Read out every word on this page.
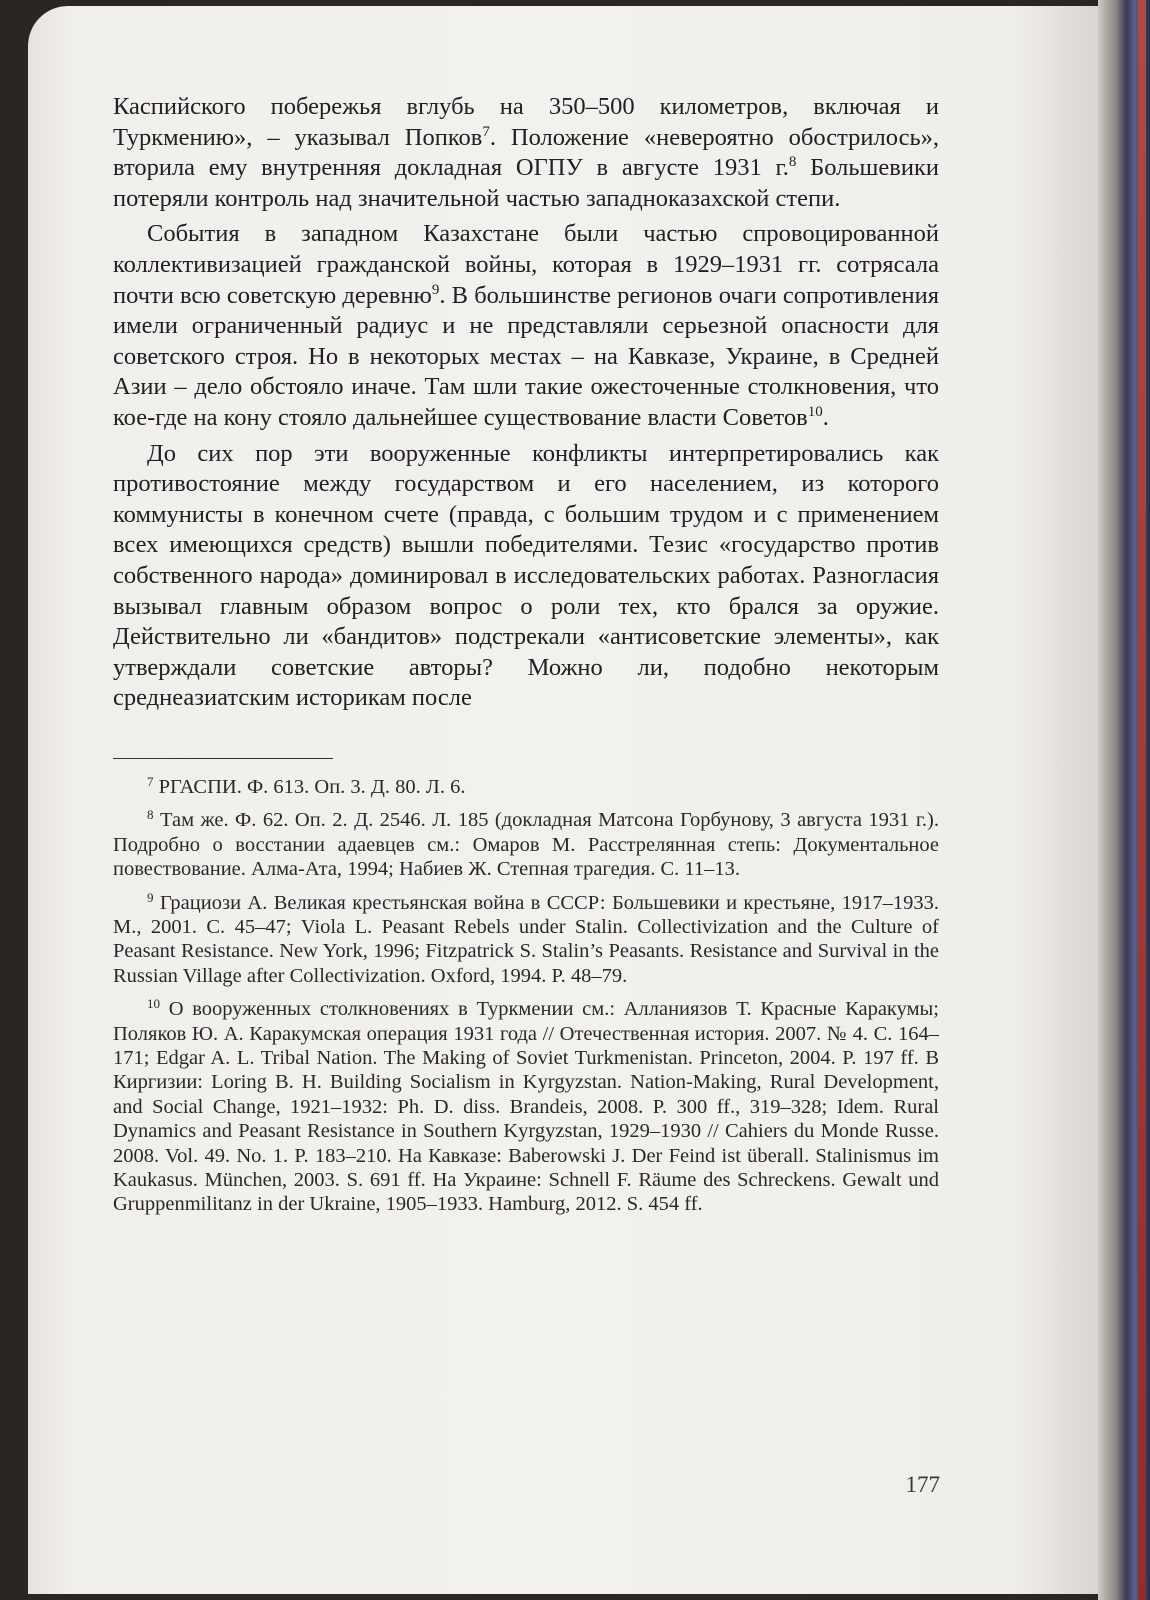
Каспийского побережья вглубь на 350–500 километров, включая и Туркмению», – указывал Попков$^7$. Положение «невероятно обострилось», вторила ему внутренняя докладная ОГПУ в августе 1931 г.$^8$ Большевики потеряли контроль над значительной частью западноказахской степи.

События в западном Казахстане были частью спровоцированной коллективизацией гражданской войны, которая в 1929–1931 гг. сотрясала почти всю советскую деревню$^9$. В большинстве регионов очаги сопротивления имели ограниченный радиус и не представляли серьезной опасности для советского строя. Но в некоторых местах – на Кавказе, Украине, в Средней Азии – дело обстояло иначе. Там шли такие ожесточенные столкновения, что кое-где на кону стояло дальнейшее существование власти Советов$^{10}$.

До сих пор эти вооруженные конфликты интерпретировались как противостояние между государством и его населением, из которого коммунисты в конечном счете (правда, с большим трудом и с применением всех имеющихся средств) вышли победителями. Тезис «государство против собственного народа» доминировал в исследовательских работах. Разногласия вызывал главным образом вопрос о роли тех, кто брался за оружие. Действительно ли «бандитов» подстрекали «антисоветские элементы», как утверждали советские авторы? Можно ли, подобно некоторым среднеазиатским историкам после

$^7$ РГАСПИ. Ф. 613. Оп. 3. Д. 80. Л. 6.

$^8$ Там же. Ф. 62. Оп. 2. Д. 2546. Л. 185 (докладная Матсона Горбунову, 3 августа 1931 г.). Подробно о восстании адаевцев см.: Омаров М. Расстрелянная степь: Документальное повествование. Алма-Ата, 1994; Набиев Ж. Степная трагедия. С. 11–13.

$^9$ Грациози А. Великая крестьянская война в СССР: Большевики и крестьяне, 1917–1933. М., 2001. С. 45–47; Viola L. Peasant Rebels under Stalin. Collectivization and the Culture of Peasant Resistance. New York, 1996; Fitzpatrick S. Stalin’s Peasants. Resistance and Survival in the Russian Village after Collectivization. Oxford, 1994. P. 48–79.

$^{10}$ О вооруженных столкновениях в Туркмении см.: Алланиязов Т. Красные Каракумы; Поляков Ю. А. Каракумская операция 1931 года // Отечественная история. 2007. № 4. С. 164–171; Edgar A. L. Tribal Nation. The Making of Soviet Turkmenistan. Princeton, 2004. P. 197 ff. В Киргизии: Loring B. H. Building Socialism in Kyrgyzstan. Nation-Making, Rural Development, and Social Change, 1921–1932: Ph. D. diss. Brandeis, 2008. P. 300 ff., 319–328; Idem. Rural Dynamics and Peasant Resistance in Southern Kyrgyzstan, 1929–1930 // Cahiers du Monde Russe. 2008. Vol. 49. No. 1. P. 183–210. На Кавказе: Baberowski J. Der Feind ist überall. Stalinismus im Kaukasus. München, 2003. S. 691 ff. На Украине: Schnell F. Räume des Schreckens. Gewalt und Gruppenmilitanz in der Ukraine, 1905–1933. Hamburg, 2012. S. 454 ff.

177
